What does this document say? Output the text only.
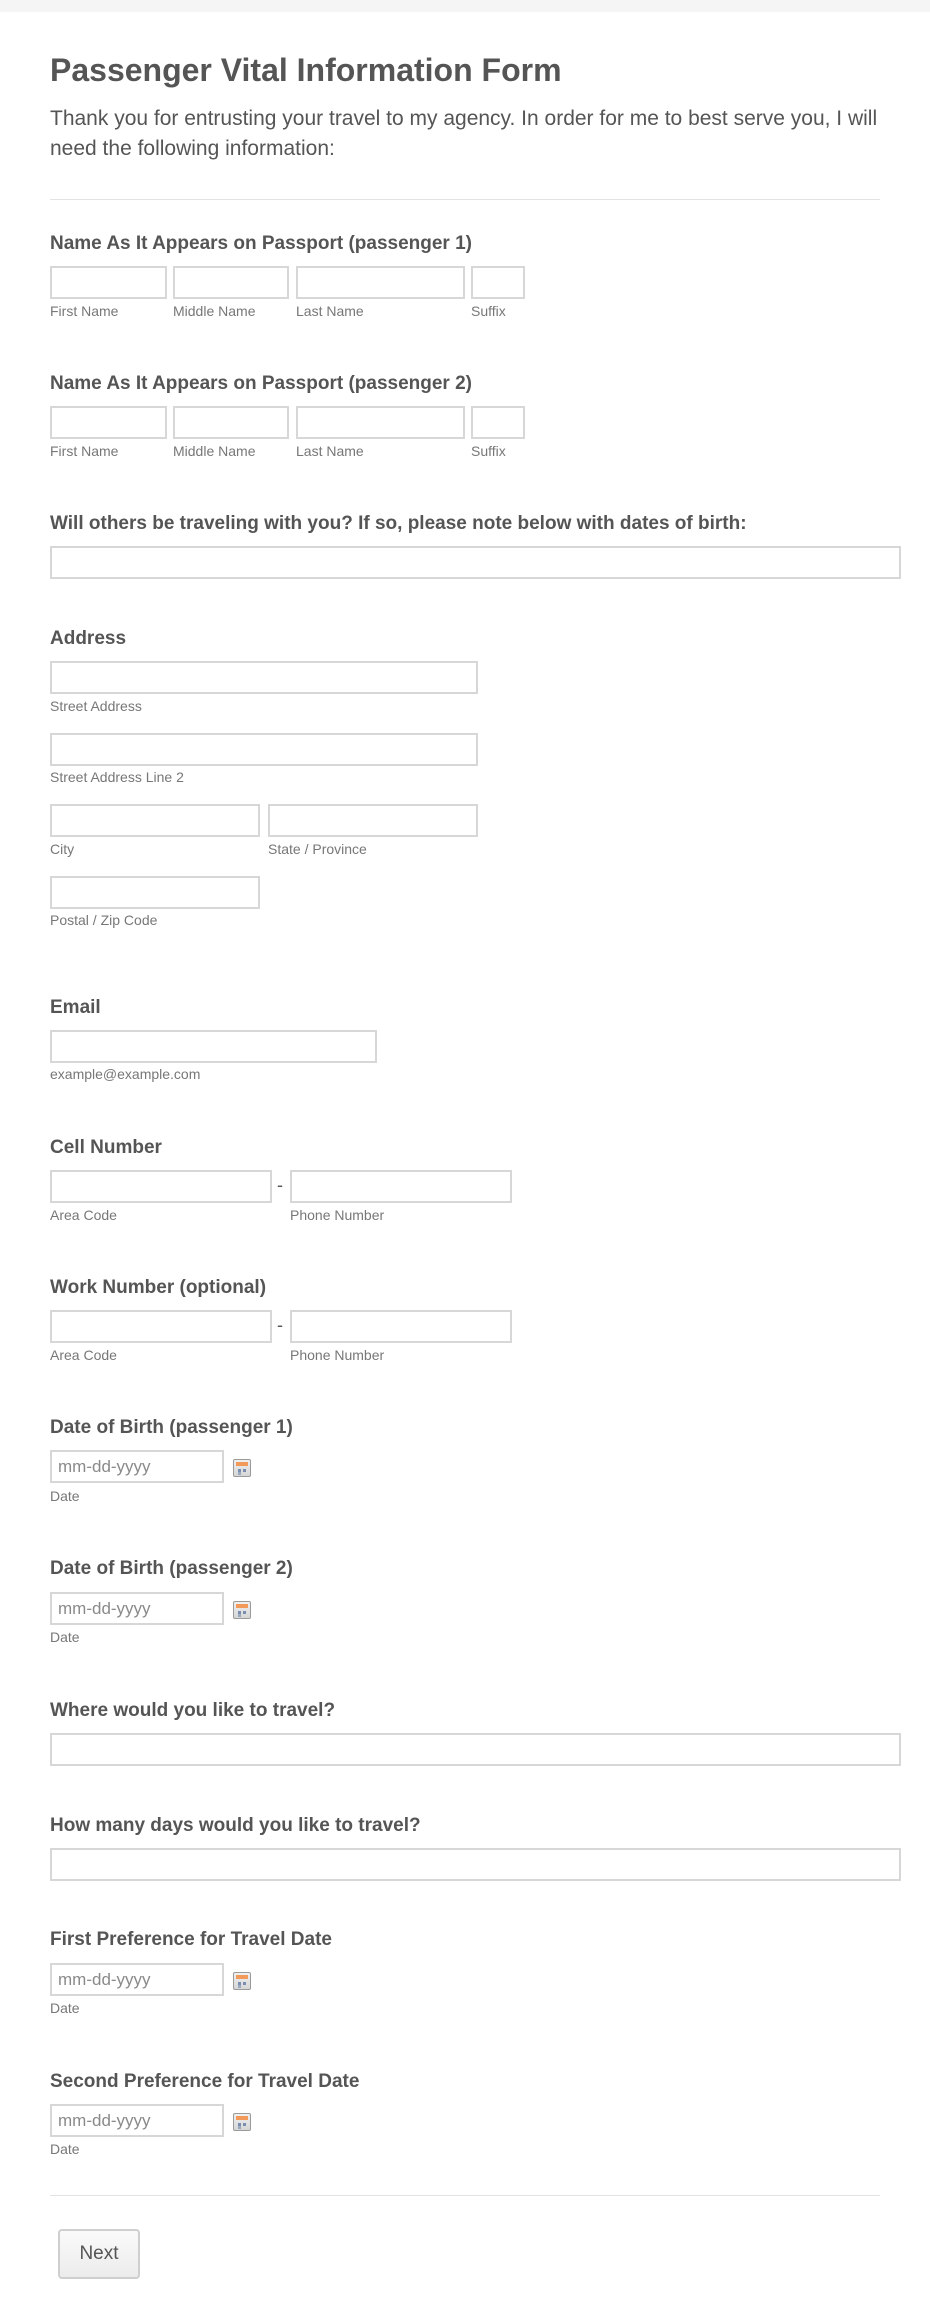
Passenger Vital Information Form
Thank you for entrusting your travel to my agency. In order for me to best serve you, I will need the following information:
Name As It Appears on Passport (passenger 1)
First Name	Middle Name	Last Name	Suffix
Name As It Appears on Passport (passenger 2)
First Name	Middle Name	Last Name	Suffix
Will others be traveling with you? If so, please note below with dates of birth:
Address
Street Address
Street Address Line 2
City	State / Province
Postal / Zip Code
Email
example@example.com
Cell Number
-
Area Code	Phone Number
Work Number (optional)
-
Area Code	Phone Number
Date of Birth (passenger 1)
mm-dd-yyyy
Date
Date of Birth (passenger 2)
mm-dd-yyyy
Date
Where would you like to travel?
How many days would you like to travel?
First Preference for Travel Date
mm-dd-yyyy
Date
Second Preference for Travel Date
mm-dd-yyyy
Date
Next
